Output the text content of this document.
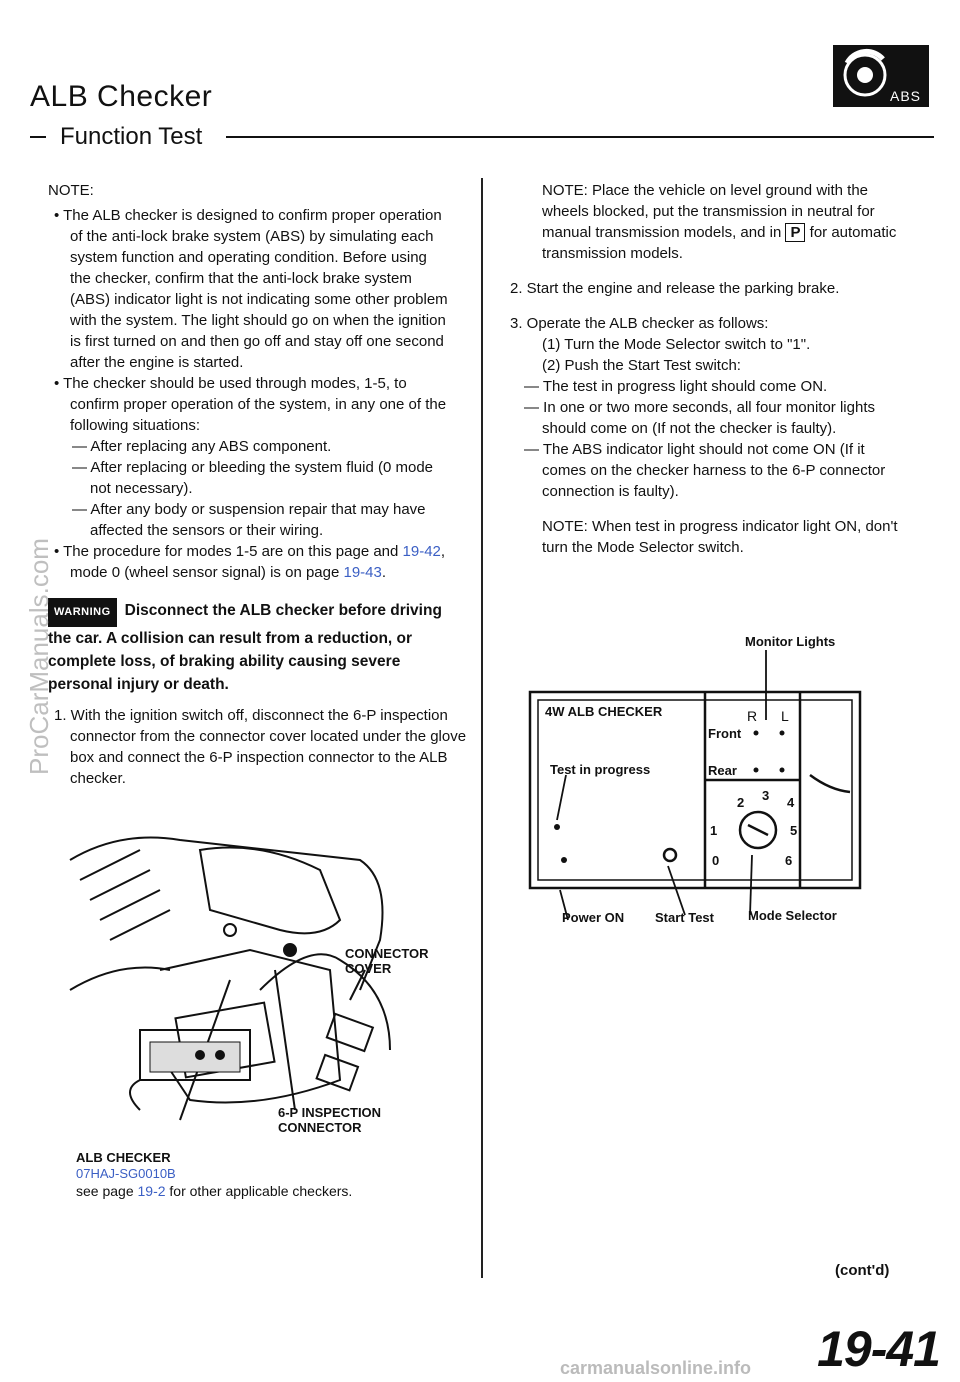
ALB Checker
Function Test
ABS
NOTE:
• The ALB checker is designed to confirm proper operation of the anti-lock brake system (ABS) by simulating each system function and operating condition. Before using the checker, confirm that the anti-lock brake system (ABS) indicator light is not indicating some other problem with the system. The light should go on when the ignition is first turned on and then go off and stay off one second after the engine is started.
• The checker should be used through modes, 1-5, to confirm proper operation of the system, in any one of the following situations:
— After replacing any ABS component.
— After replacing or bleeding the system fluid (0 mode not necessary).
— After any body or suspension repair that may have affected the sensors or their wiring.
• The procedure for modes 1-5 are on this page and 19-42, mode 0 (wheel sensor signal) is on page 19-43.
WARNING Disconnect the ALB checker before driving the car. A collision can result from a reduction, or complete loss, of braking ability causing severe personal injury or death.
1. With the ignition switch off, disconnect the 6-P inspection connector from the connector cover located under the glove box and connect the 6-P inspection connector to the ALB checker.
CONNECTOR COVER
6-P INSPECTION CONNECTOR
ALB CHECKER
07HAJ-SG0010B
see page 19-2 for other applicable checkers.
NOTE: Place the vehicle on level ground with the wheels blocked, put the transmission in neutral for manual transmission models, and in P for automatic transmission models.
2. Start the engine and release the parking brake.
3. Operate the ALB checker as follows:
(1) Turn the Mode Selector switch to "1".
(2) Push the Start Test switch:
— The test in progress light should come ON.
— In one or two more seconds, all four monitor lights should come on (If not the checker is faulty).
— The ABS indicator light should not come ON (If it comes on the checker harness to the 6-P connector connection is faulty).
NOTE: When test in progress indicator light ON, don't turn the Mode Selector switch.
Monitor Lights
4W ALB CHECKER
Test in progress
R L
Front
Rear
2 3 4
1	5
0	6
Power ON Start Test	Mode Selector
(cont'd)
19-41
ProCarManuals.com
carmanualsonline.info
